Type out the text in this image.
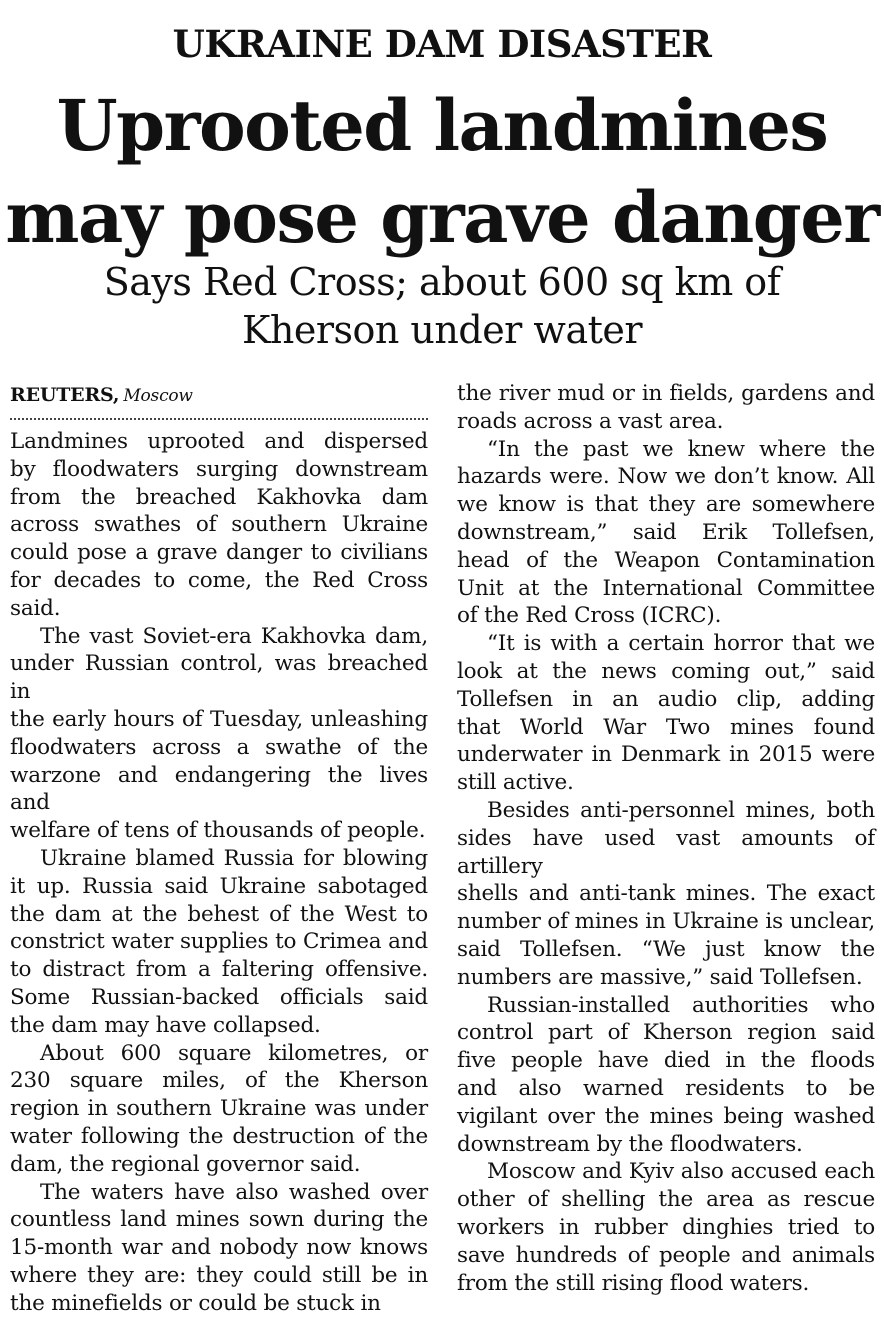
UKRAINE DAM DISASTER
Uprooted landmines
may pose grave danger
Says Red Cross; about 600 sq km of
Kherson under water
REUTERS, Moscow
Landmines uprooted and dispersed
by floodwaters surging downstream
from the breached Kakhovka dam
across swathes of southern Ukraine
could pose a grave danger to civilians
for decades to come, the Red Cross
said.
The vast Soviet-era Kakhovka dam,
under Russian control, was breached in
the early hours of Tuesday, unleashing
floodwaters across a swathe of the
warzone and endangering the lives and
welfare of tens of thousands of people.
Ukraine blamed Russia for blowing
it up. Russia said Ukraine sabotaged
the dam at the behest of the West to
constrict water supplies to Crimea and
to distract from a faltering offensive.
Some Russian-backed officials said
the dam may have collapsed.
About 600 square kilometres, or
230 square miles, of the Kherson
region in southern Ukraine was under
water following the destruction of the
dam, the regional governor said.
The waters have also washed over
countless land mines sown during the
15-month war and nobody now knows
where they are: they could still be in
the minefields or could be stuck in
the river mud or in fields, gardens and
roads across a vast area.
“In the past we knew where the
hazards were. Now we don’t know. All
we know is that they are somewhere
downstream,” said Erik Tollefsen,
head of the Weapon Contamination
Unit at the International Committee
of the Red Cross (ICRC).
“It is with a certain horror that we
look at the news coming out,” said
Tollefsen in an audio clip, adding
that World War Two mines found
underwater in Denmark in 2015 were
still active.
Besides anti-personnel mines, both
sides have used vast amounts of artillery
shells and anti-tank mines. The exact
number of mines in Ukraine is unclear,
said Tollefsen. “We just know the
numbers are massive,” said Tollefsen.
Russian-installed authorities who
control part of Kherson region said
five people have died in the floods
and also warned residents to be
vigilant over the mines being washed
downstream by the floodwaters.
Moscow and Kyiv also accused each
other of shelling the area as rescue
workers in rubber dinghies tried to
save hundreds of people and animals
from the still rising flood waters.
